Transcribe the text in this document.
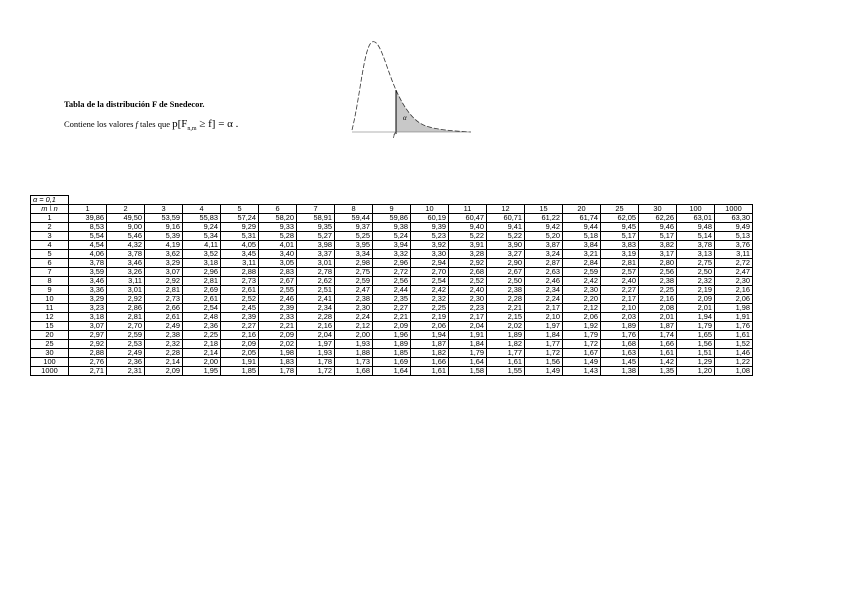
Tabla de la distribución F de Snedecor.
Contiene los valores f tales que $p[F_{n,m} \ge f] = \alpha$ .	α
f
α = 0,1																		
m \ n	1	2	3	4	5	6	7	8	9	10	11	12	15	20	25	30	100	1000
1	39,86	49,50	53,59	55,83	57,24	58,20	58,91	59,44	59,86	60,19	60,47	60,71	61,22	61,74	62,05	62,26	63,01	63,30
2	8,53	9,00	9,16	9,24	9,29	9,33	9,35	9,37	9,38	9,39	9,40	9,41	9,42	9,44	9,45	9,46	9,48	9,49
3	5,54	5,46	5,39	5,34	5,31	5,28	5,27	5,25	5,24	5,23	5,22	5,22	5,20	5,18	5,17	5,17	5,14	5,13
4	4,54	4,32	4,19	4,11	4,05	4,01	3,98	3,95	3,94	3,92	3,91	3,90	3,87	3,84	3,83	3,82	3,78	3,76
5	4,06	3,78	3,62	3,52	3,45	3,40	3,37	3,34	3,32	3,30	3,28	3,27	3,24	3,21	3,19	3,17	3,13	3,11
6	3,78	3,46	3,29	3,18	3,11	3,05	3,01	2,98	2,96	2,94	2,92	2,90	2,87	2,84	2,81	2,80	2,75	2,72
7	3,59	3,26	3,07	2,96	2,88	2,83	2,78	2,75	2,72	2,70	2,68	2,67	2,63	2,59	2,57	2,56	2,50	2,47
8	3,46	3,11	2,92	2,81	2,73	2,67	2,62	2,59	2,56	2,54	2,52	2,50	2,46	2,42	2,40	2,38	2,32	2,30
9	3,36	3,01	2,81	2,69	2,61	2,55	2,51	2,47	2,44	2,42	2,40	2,38	2,34	2,30	2,27	2,25	2,19	2,16
10	3,29	2,92	2,73	2,61	2,52	2,46	2,41	2,38	2,35	2,32	2,30	2,28	2,24	2,20	2,17	2,16	2,09	2,06
11	3,23	2,86	2,66	2,54	2,45	2,39	2,34	2,30	2,27	2,25	2,23	2,21	2,17	2,12	2,10	2,08	2,01	1,98
12	3,18	2,81	2,61	2,48	2,39	2,33	2,28	2,24	2,21	2,19	2,17	2,15	2,10	2,06	2,03	2,01	1,94	1,91
15	3,07	2,70	2,49	2,36	2,27	2,21	2,16	2,12	2,09	2,06	2,04	2,02	1,97	1,92	1,89	1,87	1,79	1,76
20	2,97	2,59	2,38	2,25	2,16	2,09	2,04	2,00	1,96	1,94	1,91	1,89	1,84	1,79	1,76	1,74	1,65	1,61
25	2,92	2,53	2,32	2,18	2,09	2,02	1,97	1,93	1,89	1,87	1,84	1,82	1,77	1,72	1,68	1,66	1,56	1,52
30	2,88	2,49	2,28	2,14	2,05	1,98	1,93	1,88	1,85	1,82	1,79	1,77	1,72	1,67	1,63	1,61	1,51	1,46
100	2,76	2,36	2,14	2,00	1,91	1,83	1,78	1,73	1,69	1,66	1,64	1,61	1,56	1,49	1,45	1,42	1,29	1,22
1000	2,71	2,31	2,09	1,95	1,85	1,78	1,72	1,68	1,64	1,61	1,58	1,55	1,49	1,43	1,38	1,35	1,20	1,08
